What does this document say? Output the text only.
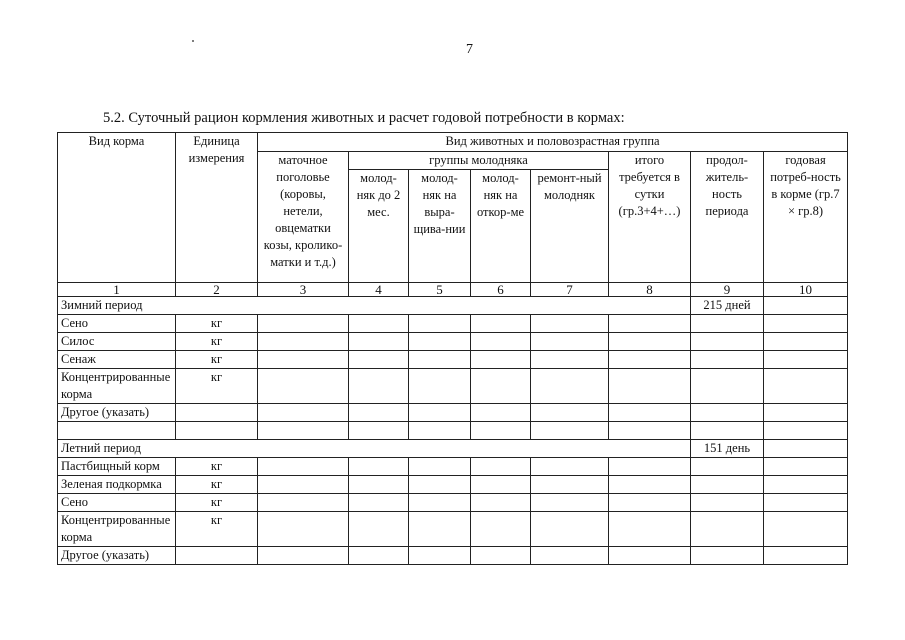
7
5.2. Суточный рацион кормления животных и расчет годовой потребности в кормах:
Вид корма	Единица измерения	Вид животных и половозрастная группа							
		маточное поголовье (коровы, нетели, овцематки козы, кролико-матки и т.д.)	группы молодняка				итого требуется в сутки (гр.3+4+…)	продол-житель-ность периода	годовая потреб-ность в корме (гр.7 × гр.8)
			молод-няк до 2 мес.	молод-няк на выра-щива-нии	молод-няк на откор-ме	ремонт-ный молодняк			
1	2	3	4	5	6	7	8	9	10
Зимний период								215 дней	
Сено	кг								
Силос	кг								
Сенаж	кг								
Концентрированные корма	кг								
Другое (указать)									

Летний период								151 день	
Пастбищный корм	кг								
Зеленая подкормка	кг								
Сено	кг								
Концентрированные корма	кг								
Другое (указать)									
